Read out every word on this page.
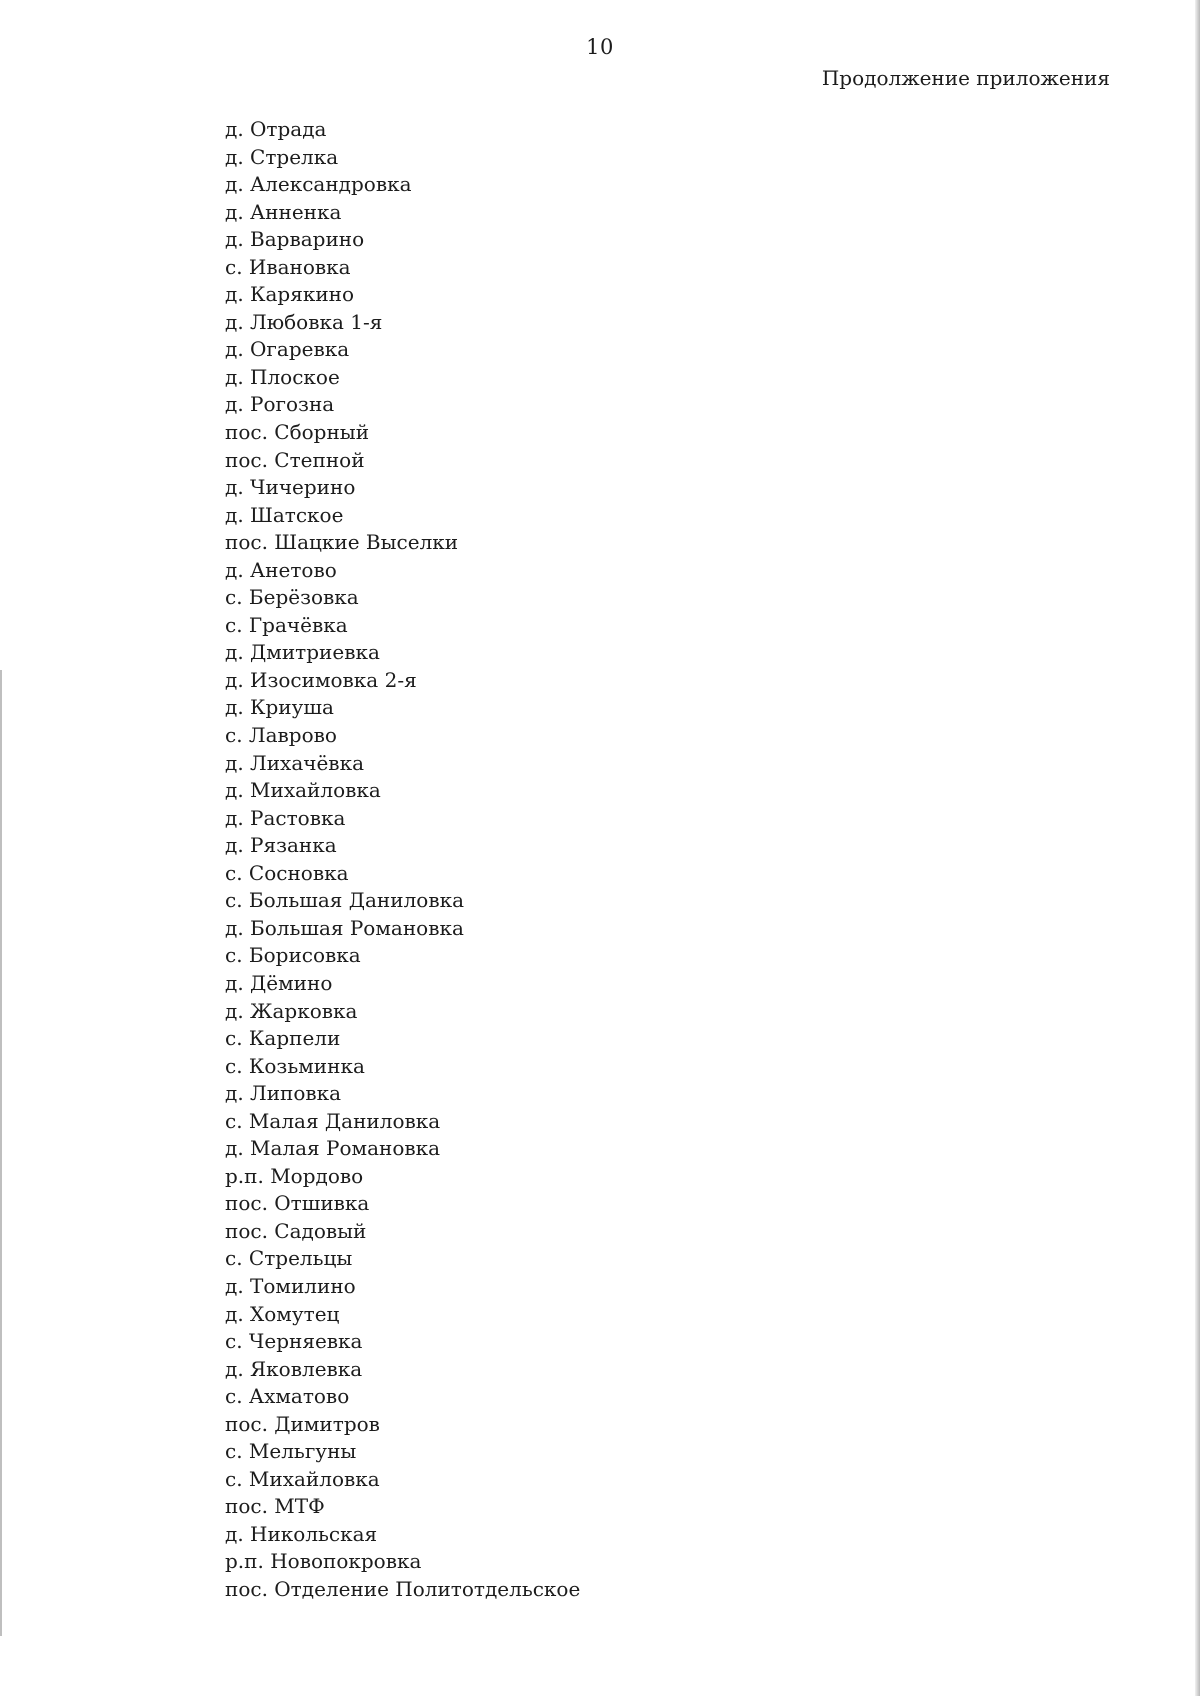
10
Продолжение приложения
д. Отрада
д. Стрелка
д. Александровка
д. Анненка
д. Варварино
с. Ивановка
д. Карякино
д. Любовка 1-я
д. Огаревка
д. Плоское
д. Рогозна
пос. Сборный
пос. Степной
д. Чичерино
д. Шатское
пос. Шацкие Выселки
д. Анетово
с. Берёзовка
с. Грачёвка
д. Дмитриевка
д. Изосимовка 2-я
д. Криуша
с. Лаврово
д. Лихачёвка
д. Михайловка
д. Растовка
д. Рязанка
с. Сосновка
с. Большая Даниловка
д. Большая Романовка
с. Борисовка
д. Дёмино
д. Жарковка
с. Карпели
с. Козьминка
д. Липовка
с. Малая Даниловка
д. Малая Романовка
р.п. Мордово
пос. Отшивка
пос. Садовый
с. Стрельцы
д. Томилино
д. Хомутец
с. Черняевка
д. Яковлевка
с. Ахматово
пос. Димитров
с. Мельгуны
с. Михайловка
пос. МТФ
д. Никольская
р.п. Новопокровка
пос. Отделение Политотдельское
